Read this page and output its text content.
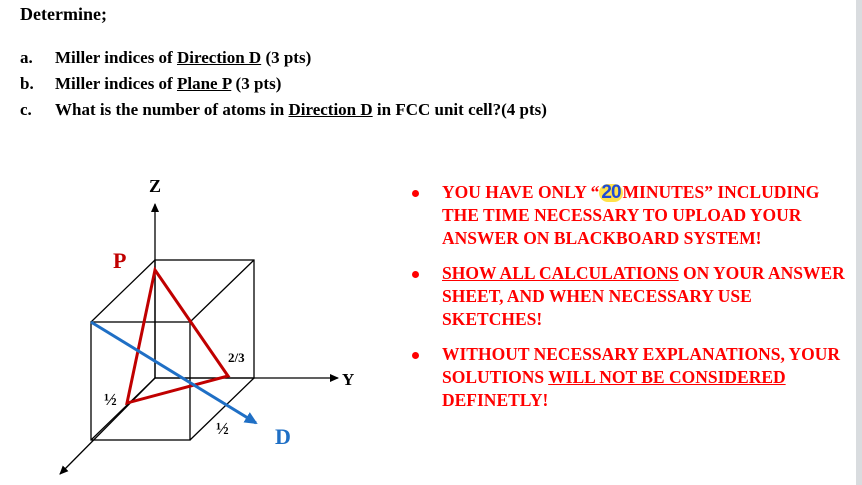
Determine;
a. Miller indices of Direction D (3 pts)
b. Miller indices of Plane P (3 pts)
c. What is the number of atoms in Direction D in FCC unit cell?(4 pts)
Z
Y
P
D
2/3
½
½
YOU HAVE ONLY “ 20 MINUTES” INCLUDING THE TIME NECESSARY TO UPLOAD YOUR ANSWER ON BLACKBOARD SYSTEM!
SHOW ALL CALCULATIONS ON YOUR ANSWER SHEET, AND WHEN NECESSARY USE SKETCHES!
WITHOUT NECESSARY EXPLANATIONS, YOUR SOLUTIONS WILL NOT BE CONSIDERED DEFINETLY!
